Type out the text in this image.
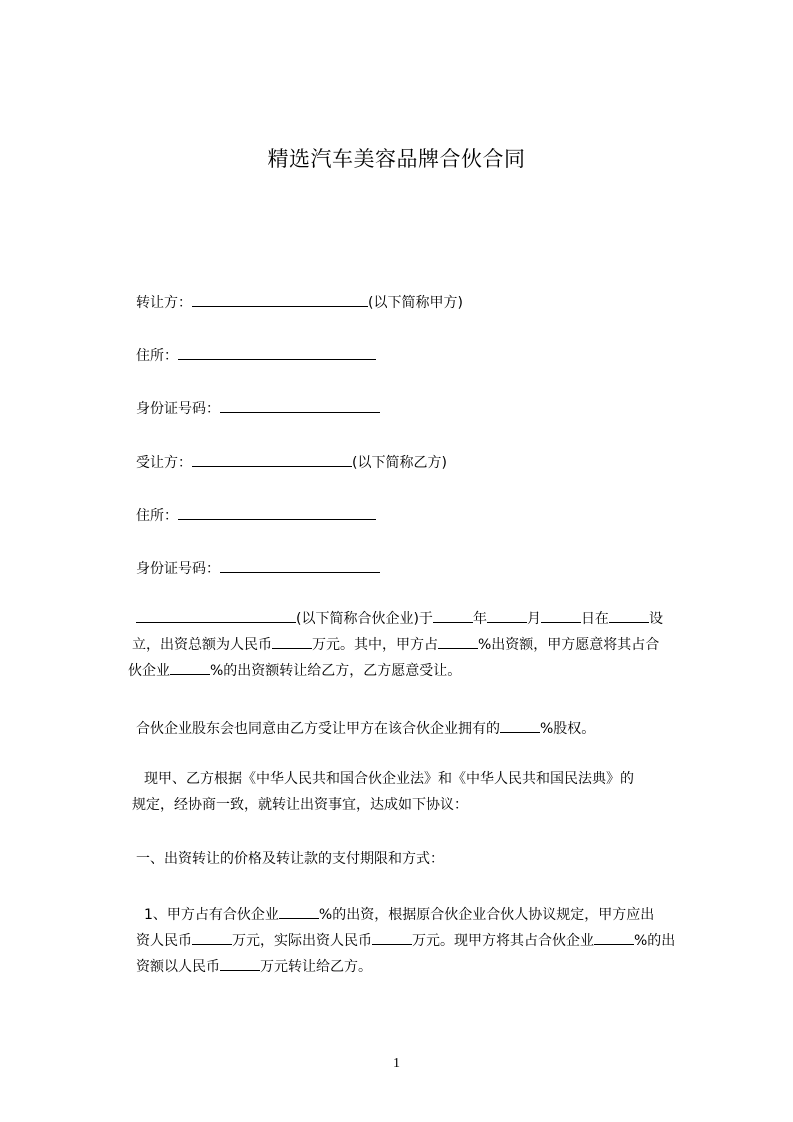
精选汽车美容品牌合伙合同
转让方：	(以下简称甲方)
住所：
身份证号码：
受让方：	(以下简称乙方)
住所：
身份证号码：
(以下简称合伙企业)于	年	月	日在	设
立，出资总额为人民币	万元。其中，甲方占	%出资额，甲方愿意将其占合
伙企业	%的出资额转让给乙方，乙方愿意受让。
合伙企业股东会也同意由乙方受让甲方在该合伙企业拥有的	%股权。
现甲、乙方根据《中华人民共和国合伙企业法》和《中华人民共和国民法典》的
规定，经协商一致，就转让出资事宜，达成如下协议：
一、出资转让的价格及转让款的支付期限和方式：
1、甲方占有合伙企业	%的出资，根据原合伙企业合伙人协议规定，甲方应出
资人民币	万元，实际出资人民币	万元。现甲方将其占合伙企业	%的出
资额以人民币	万元转让给乙方。
1
